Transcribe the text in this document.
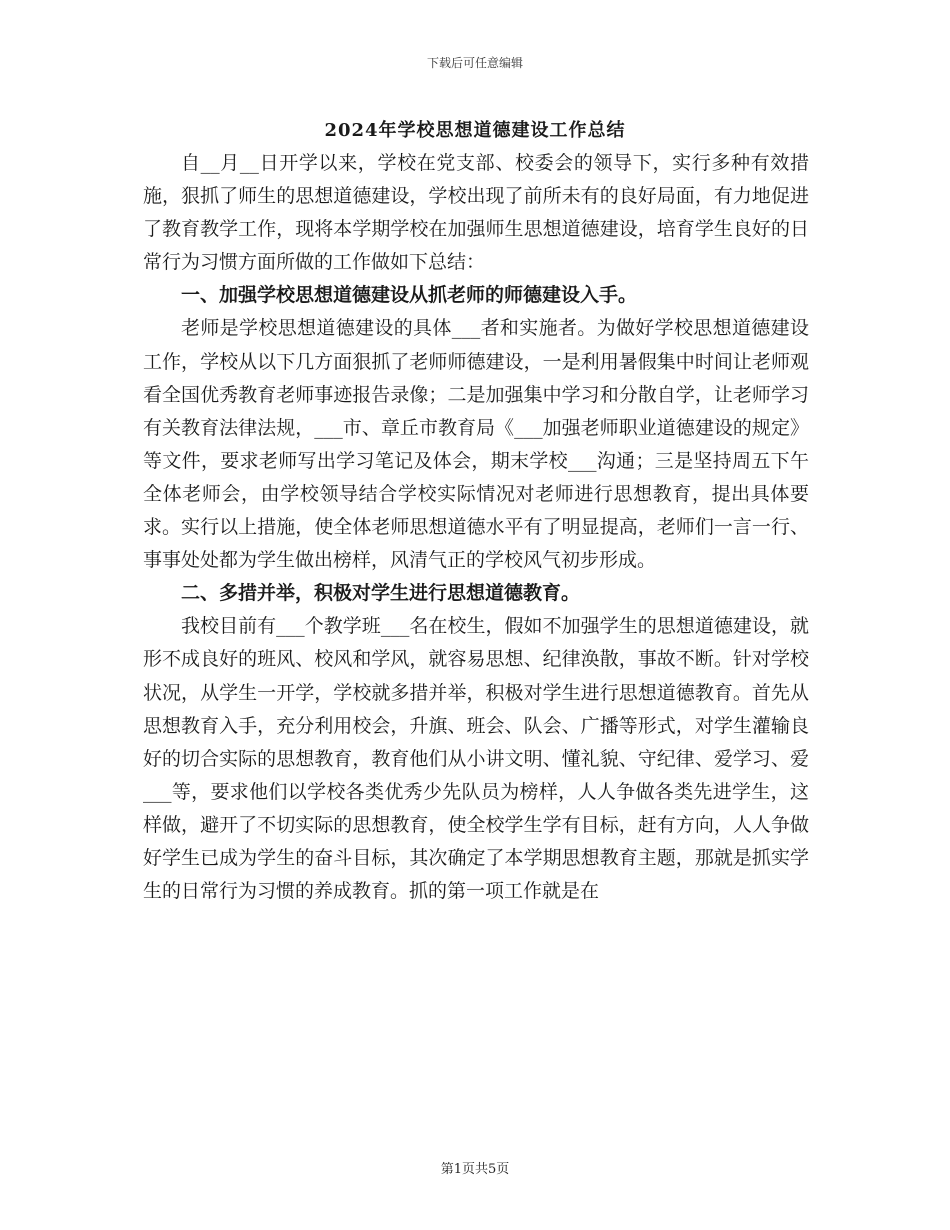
下载后可任意编辑
2024年学校思想道德建设工作总结

自__月__日开学以来，学校在党支部、校委会的领导下，实行多种有效措施，狠抓了师生的思想道德建设，学校出现了前所未有的良好局面，有力地促进了教育教学工作，现将本学期学校在加强师生思想道德建设，培育学生良好的日常行为习惯方面所做的工作做如下总结：

一、加强学校思想道德建设从抓老师的师德建设入手。

老师是学校思想道德建设的具体___者和实施者。为做好学校思想道德建设工作，学校从以下几方面狠抓了老师师德建设，一是利用暑假集中时间让老师观看全国优秀教育老师事迹报告录像；二是加强集中学习和分散自学，让老师学习有关教育法律法规，___市、章丘市教育局《___加强老师职业道德建设的规定》等文件，要求老师写出学习笔记及体会，期末学校___沟通；三是坚持周五下午全体老师会，由学校领导结合学校实际情况对老师进行思想教育，提出具体要求。实行以上措施，使全体老师思想道德水平有了明显提高，老师们一言一行、事事处处都为学生做出榜样，风清气正的学校风气初步形成。

二、多措并举，积极对学生进行思想道德教育。

我校目前有___个教学班___名在校生，假如不加强学生的思想道德建设，就形不成良好的班风、校风和学风，就容易思想、纪律涣散，事故不断。针对学校状况，从学生一开学，学校就多措并举，积极对学生进行思想道德教育。首先从思想教育入手，充分利用校会，升旗、班会、队会、广播等形式，对学生灌输良好的切合实际的思想教育，教育他们从小讲文明、懂礼貌、守纪律、爱学习、爱___等，要求他们以学校各类优秀少先队员为榜样，人人争做各类先进学生，这样做，避开了不切实际的思想教育，使全校学生学有目标，赶有方向，人人争做好学生已成为学生的奋斗目标，其次确定了本学期思想教育主题，那就是抓实学生的日常行为习惯的养成教育。抓的第一项工作就是在

第1页共5页
